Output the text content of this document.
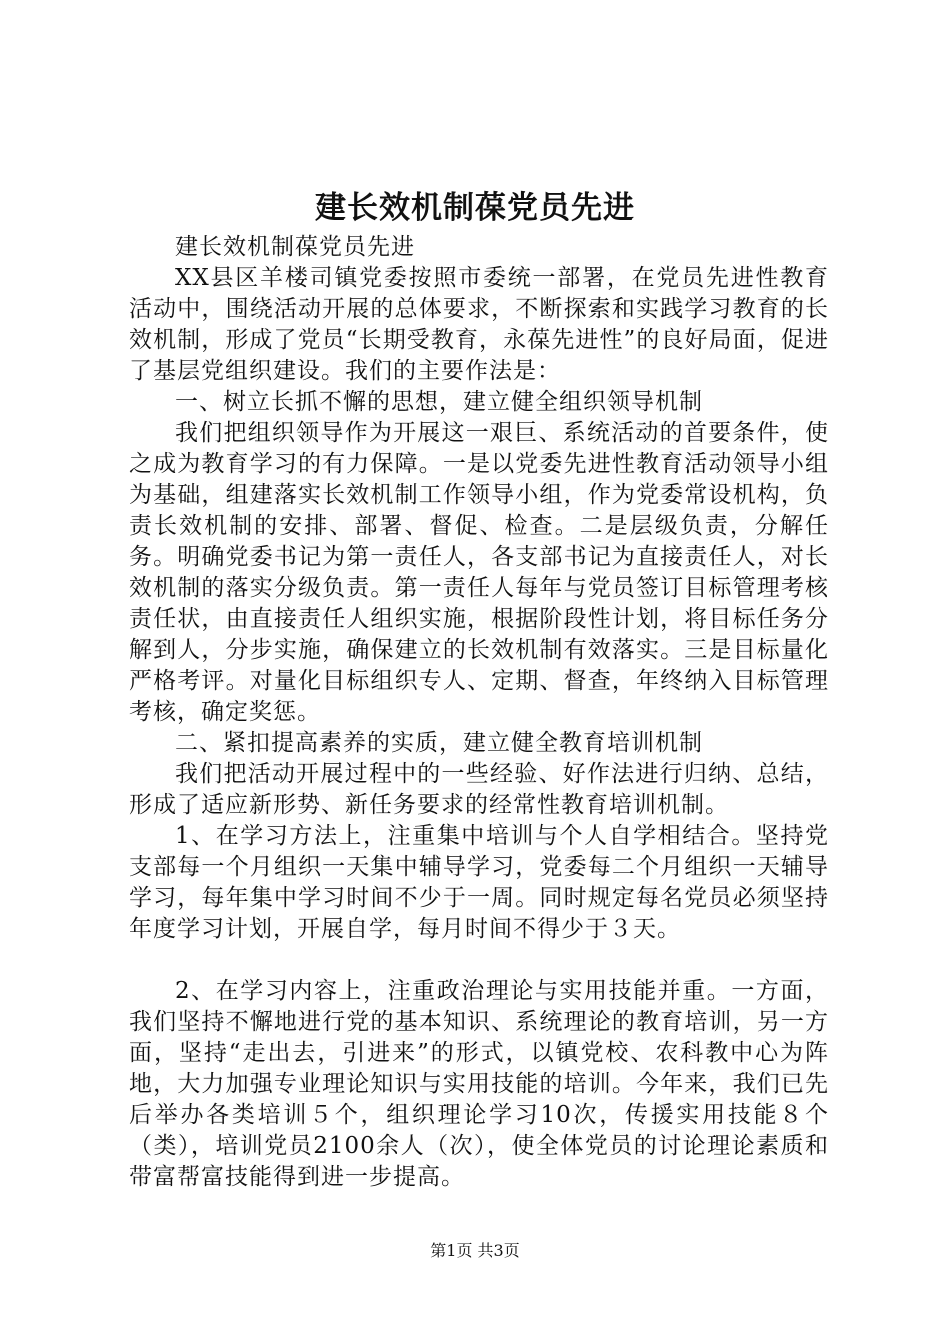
建长效机制葆党员先进

建长效机制葆党员先进

XX县区羊楼司镇党委按照市委统一部署，在党员先进性教育活动中，围绕活动开展的总体要求，不断探索和实践学习教育的长效机制，形成了党员“长期受教育，永葆先进性”的良好局面，促进了基层党组织建设。我们的主要作法是：

一、树立长抓不懈的思想，建立健全组织领导机制

我们把组织领导作为开展这一艰巨、系统活动的首要条件，使之成为教育学习的有力保障。一是以党委先进性教育活动领导小组为基础，组建落实长效机制工作领导小组，作为党委常设机构，负责长效机制的安排、部署、督促、检查。二是层级负责，分解任务。明确党委书记为第一责任人，各支部书记为直接责任人，对长效机制的落实分级负责。第一责任人每年与党员签订目标管理考核责任状，由直接责任人组织实施，根据阶段性计划，将目标任务分解到人，分步实施，确保建立的长效机制有效落实。三是目标量化严格考评。对量化目标组织专人、定期、督查，年终纳入目标管理考核，确定奖惩。

二、紧扣提高素养的实质，建立健全教育培训机制

我们把活动开展过程中的一些经验、好作法进行归纳、总结，形成了适应新形势、新任务要求的经常性教育培训机制。

1、在学习方法上，注重集中培训与个人自学相结合。坚持党支部每一个月组织一天集中辅导学习，党委每二个月组织一天辅导学习，每年集中学习时间不少于一周。同时规定每名党员必须坚持年度学习计划，开展自学，每月时间不得少于３天。

2、在学习内容上，注重政治理论与实用技能并重。一方面，我们坚持不懈地进行党的基本知识、系统理论的教育培训，另一方面，坚持“走出去，引进来”的形式，以镇党校、农科教中心为阵地，大力加强专业理论知识与实用技能的培训。今年来，我们已先后举办各类培训５个，组织理论学习10次，传援实用技能８个（类），培训党员2100余人（次），使全体党员的讨论理论素质和带富帮富技能得到进一步提高。

第1页 共3页
